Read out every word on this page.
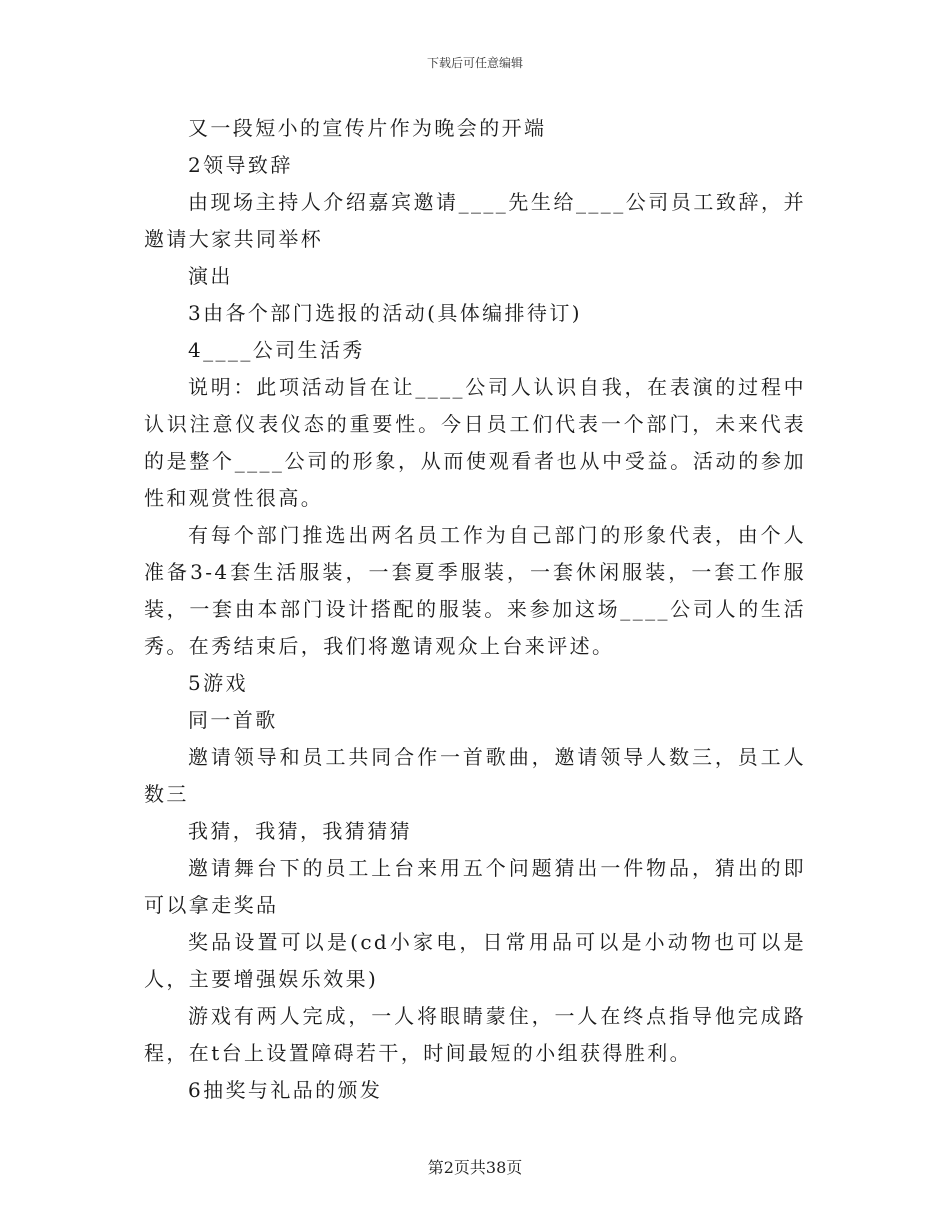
下载后可任意编辑

又一段短小的宣传片作为晚会的开端

2领导致辞

由现场主持人介绍嘉宾邀请____先生给____公司员工致辞，并邀请大家共同举杯

演出

3由各个部门选报的活动(具体编排待订)

4____公司生活秀

说明：此项活动旨在让____公司人认识自我，在表演的过程中认识注意仪表仪态的重要性。今日员工们代表一个部门，未来代表的是整个____公司的形象，从而使观看者也从中受益。活动的参加性和观赏性很高。

有每个部门推选出两名员工作为自己部门的形象代表，由个人准备3-4套生活服装，一套夏季服装，一套休闲服装，一套工作服装，一套由本部门设计搭配的服装。来参加这场____公司人的生活秀。在秀结束后，我们将邀请观众上台来评述。

5游戏

同一首歌

邀请领导和员工共同合作一首歌曲，邀请领导人数三，员工人数三

我猜，我猜，我猜猜猜

邀请舞台下的员工上台来用五个问题猜出一件物品，猜出的即可以拿走奖品

奖品设置可以是(cd小家电，日常用品可以是小动物也可以是人，主要增强娱乐效果)

游戏有两人完成，一人将眼睛蒙住，一人在终点指导他完成路程，在t台上设置障碍若干，时间最短的小组获得胜利。

6抽奖与礼品的颁发

第2页共38页
